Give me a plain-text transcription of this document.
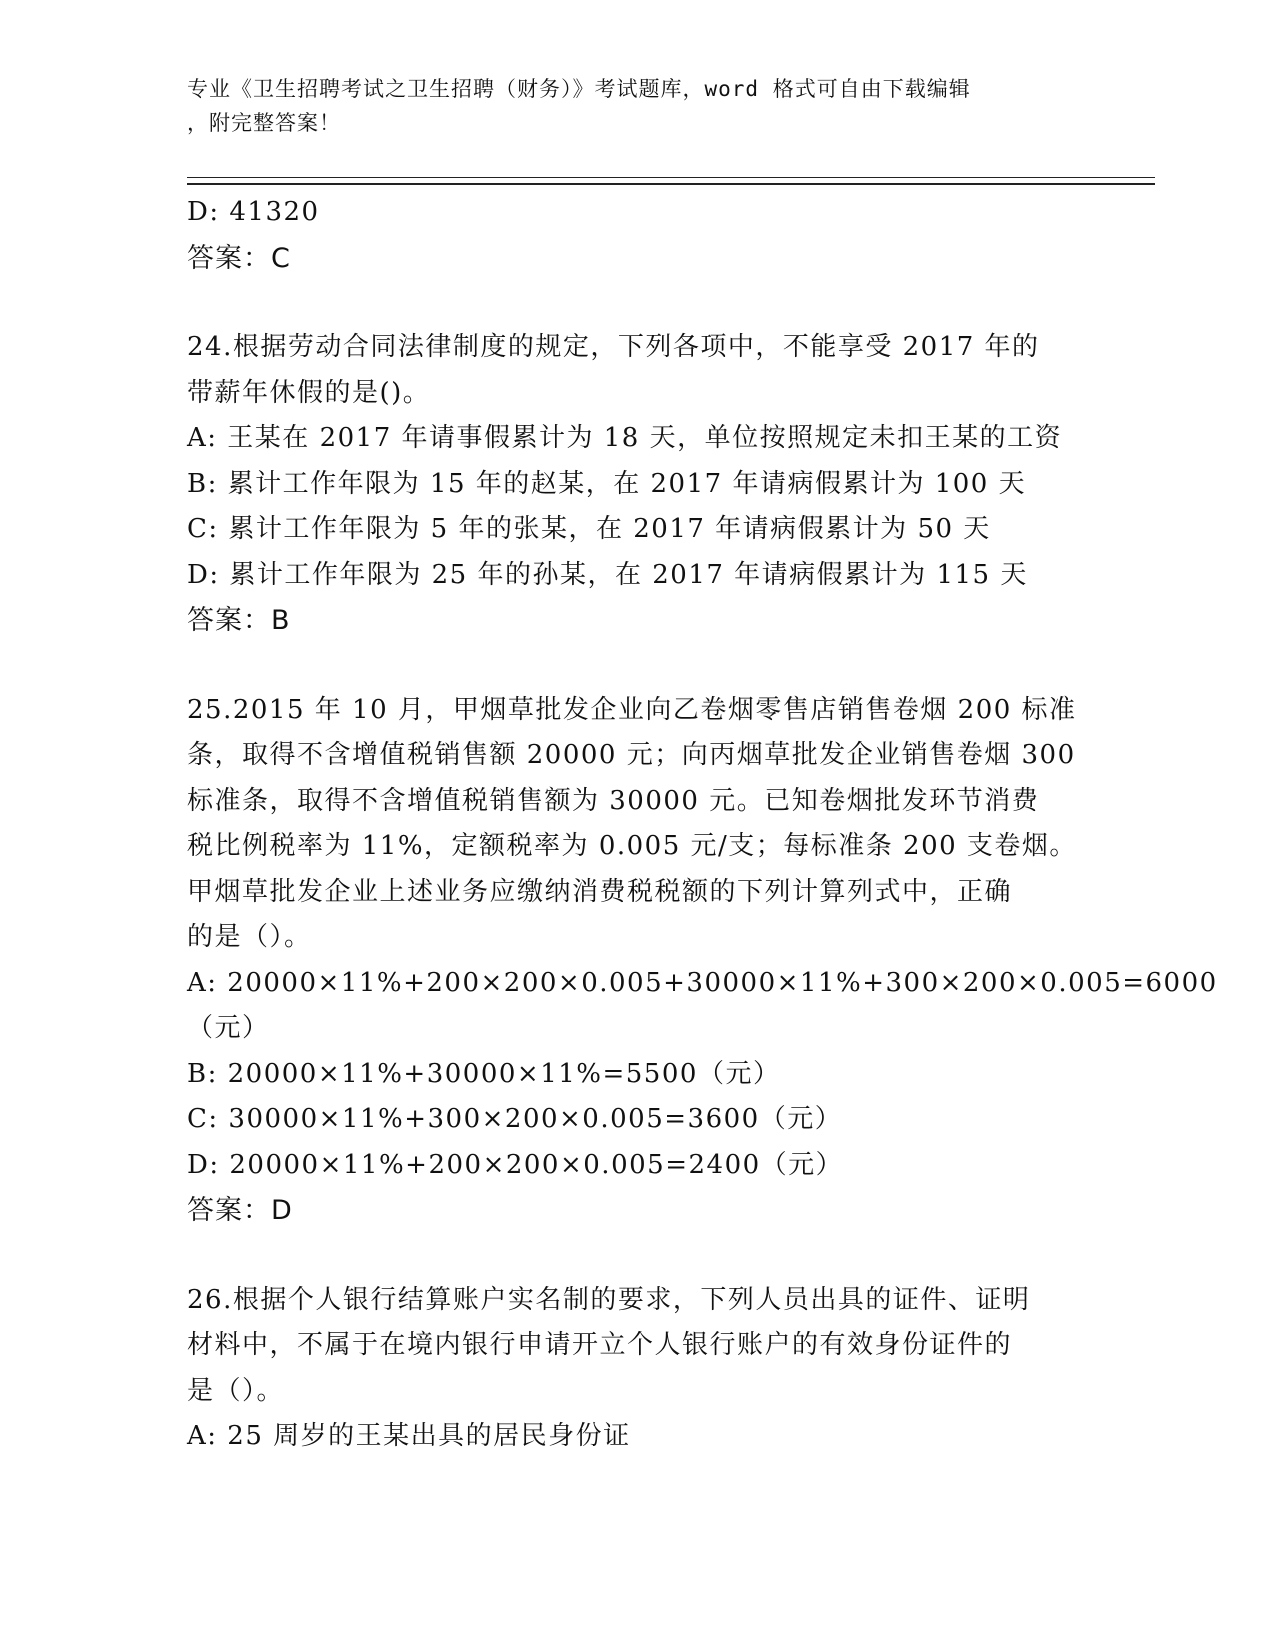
专业《卫生招聘考试之卫生招聘（财务）》考试题库，word 格式可自由下载编辑
，附完整答案！
D: 41320
答案：C
24.根据劳动合同法律制度的规定，下列各项中，不能享受 2017 年的
带薪年休假的是()。
A: 王某在 2017 年请事假累计为 18 天，单位按照规定未扣王某的工资
B: 累计工作年限为 15 年的赵某，在 2017 年请病假累计为 100 天
C: 累计工作年限为 5 年的张某，在 2017 年请病假累计为 50 天
D: 累计工作年限为 25 年的孙某，在 2017 年请病假累计为 115 天
答案：B
25.2015 年 10 月，甲烟草批发企业向乙卷烟零售店销售卷烟 200 标准
条，取得不含增值税销售额 20000 元；向丙烟草批发企业销售卷烟 300
标准条，取得不含增值税销售额为 30000 元。已知卷烟批发环节消费
税比例税率为 11%，定额税率为 0.005 元/支；每标准条 200 支卷烟。
甲烟草批发企业上述业务应缴纳消费税税额的下列计算列式中，正确
的是（）。
A: 20000×11%+200×200×0.005+30000×11%+300×200×0.005=6000
（元）
B: 20000×11%+30000×11%=5500（元）
C: 30000×11%+300×200×0.005=3600（元）
D: 20000×11%+200×200×0.005=2400（元）
答案：D
26.根据个人银行结算账户实名制的要求，下列人员出具的证件、证明
材料中，不属于在境内银行申请开立个人银行账户的有效身份证件的
是（）。
A: 25 周岁的王某出具的居民身份证
